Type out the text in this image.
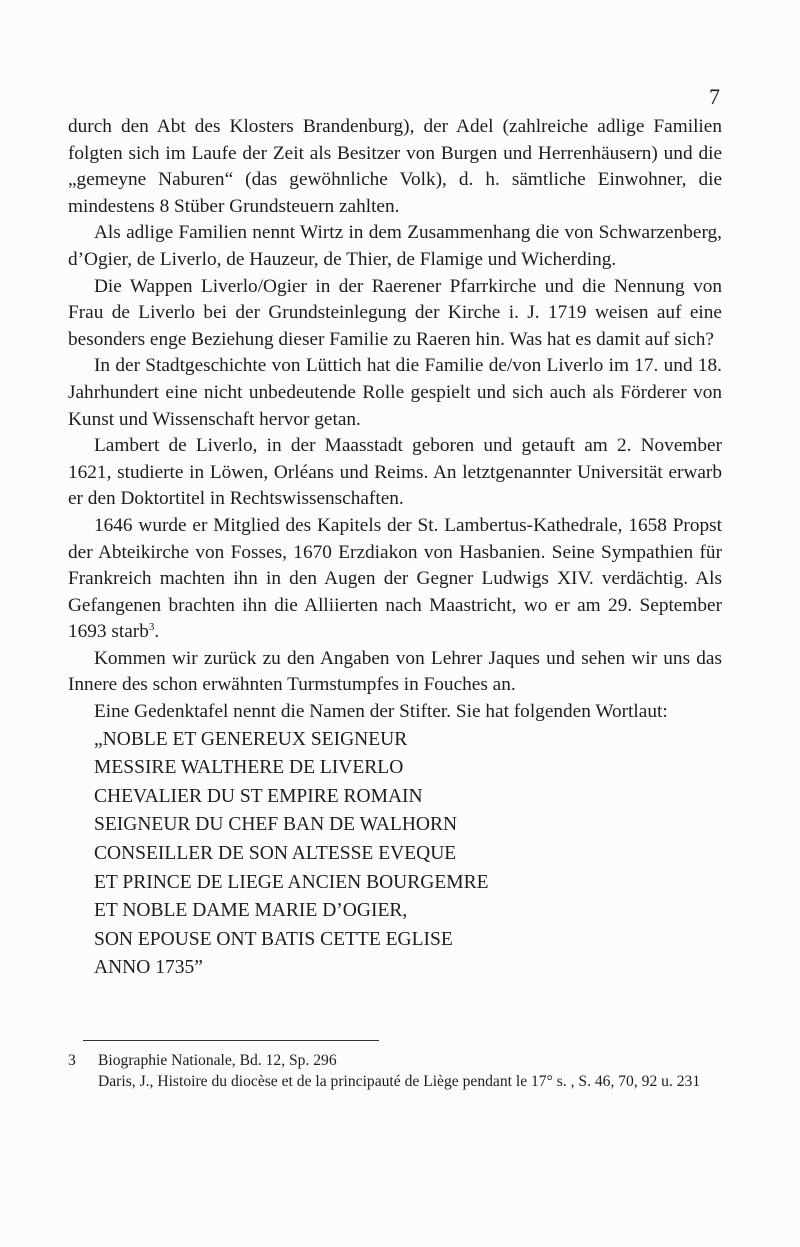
7

durch den Abt des Klosters Brandenburg), der Adel (zahlreiche adlige Familien folgten sich im Laufe der Zeit als Besitzer von Burgen und Herrenhäusern) und die „gemeyne Naburen“ (das gewöhnliche Volk), d. h. sämtliche Einwohner, die mindestens 8 Stüber Grundsteuern zahlten.

Als adlige Familien nennt Wirtz in dem Zusammenhang die von Schwarzenberg, d’Ogier, de Liverlo, de Hauzeur, de Thier, de Flamige und Wicherding.

Die Wappen Liverlo/Ogier in der Raerener Pfarrkirche und die Nennung von Frau de Liverlo bei der Grundsteinlegung der Kirche i. J. 1719 weisen auf eine besonders enge Beziehung dieser Familie zu Raeren hin. Was hat es damit auf sich?

In der Stadtgeschichte von Lüttich hat die Familie de/von Liverlo im 17. und 18. Jahrhundert eine nicht unbedeutende Rolle gespielt und sich auch als Förderer von Kunst und Wissenschaft hervor getan.

Lambert de Liverlo, in der Maasstadt geboren und getauft am 2. November 1621, studierte in Löwen, Orléans und Reims. An letztgenannter Universität erwarb er den Doktortitel in Rechtswissenschaften.

1646 wurde er Mitglied des Kapitels der St. Lambertus-Kathedrale, 1658 Propst der Abteikirche von Fosses, 1670 Erzdiakon von Hasbanien. Seine Sympathien für Frankreich machten ihn in den Augen der Gegner Ludwigs XIV. verdächtig. Als Gefangenen brachten ihn die Alliierten nach Maastricht, wo er am 29. September 1693 starb$^3$.

Kommen wir zurück zu den Angaben von Lehrer Jaques und sehen wir uns das Innere des schon erwähnten Turmstumpfes in Fouches an.

Eine Gedenktafel nennt die Namen der Stifter. Sie hat folgenden Wortlaut:

„NOBLE ET GENEREUX SEIGNEUR
MESSIRE WALTHERE DE LIVERLO
CHEVALIER DU ST EMPIRE ROMAIN
SEIGNEUR DU CHEF BAN DE WALHORN
CONSEILLER DE SON ALTESSE EVEQUE
ET PRINCE DE LIEGE ANCIEN BOURGEMRE
ET NOBLE DAME MARIE D’OGIER,
SON EPOUSE ONT BATIS CETTE EGLISE
ANNO 1735”
3	Biographie Nationale, Bd. 12, Sp. 296
Daris, J., Histoire du diocèse et de la principauté de Liège pendant le 17° s. , S. 46, 70, 92 u. 231
